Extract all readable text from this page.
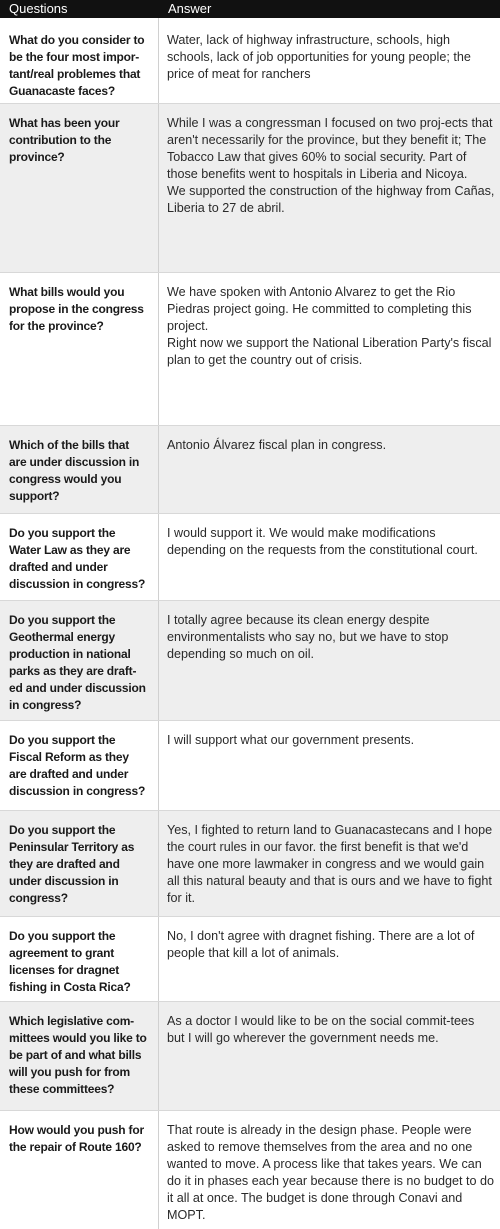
Questions	Answer
What do you consider to be the four most impor-tant/real problemes that Guanacaste faces?
Water, lack of highway infrastructure, schools, high schools, lack of job opportunities for young people; the price of meat for ranchers
What has been your contribution to the province?
While I was a congressman I focused on two proj-ects that aren't necessarily for the province, but they benefit it; The Tobacco Law that gives 60% to social security. Part of those benefits went to hospitals in Liberia and Nicoya.
We supported the construction of the highway from Cañas, Liberia to 27 de abril.
What bills would you propose in the congress for the province?
We have spoken with Antonio Alvarez to get the Rio Piedras project going. He committed to completing this project.
Right now we support the National Liberation Party's fiscal plan to get the country out of crisis.
Which of the bills that are under discussion in congress would you support?
Antonio Álvarez fiscal plan in congress.
Do you support the Water Law as they are drafted and under discussion in congress?
I would support it. We would make modifications depending on the requests from the constitutional court.
Do you support the Geothermal energy production in national parks as they are draft-ed and under discussion in congress?
I totally agree because its clean energy despite environmentalists who say no, but we have to stop depending so much on oil.
Do you support the Fiscal Reform as they are drafted and under discussion in congress?
I will support what our government presents.
Do you support the Peninsular Territory as they are drafted and under discussion in congress?
Yes, I fighted to return land to Guanacastecans and I hope the court rules in our favor. the first benefit is that we'd have one more lawmaker in congress and we would gain all this natural beauty and that is ours and we have to fight for it.
Do you support the agreement to grant licenses for dragnet fishing in Costa Rica?
No, I don't agree with dragnet fishing. There are a lot of people that kill a lot of animals.
Which legislative com-mittees would you like to be part of and what bills will you push for from these committees?
As a doctor I would like to be on the social commit-tees but I will go wherever the government needs me.
How would you push for the repair of Route 160?
That route is already in the design phase. People were asked to remove themselves from the area and no one wanted to move. A process like that takes years. We can do it in phases each year because there is no budget to do it all at once. The budget is done through Conavi and MOPT.
